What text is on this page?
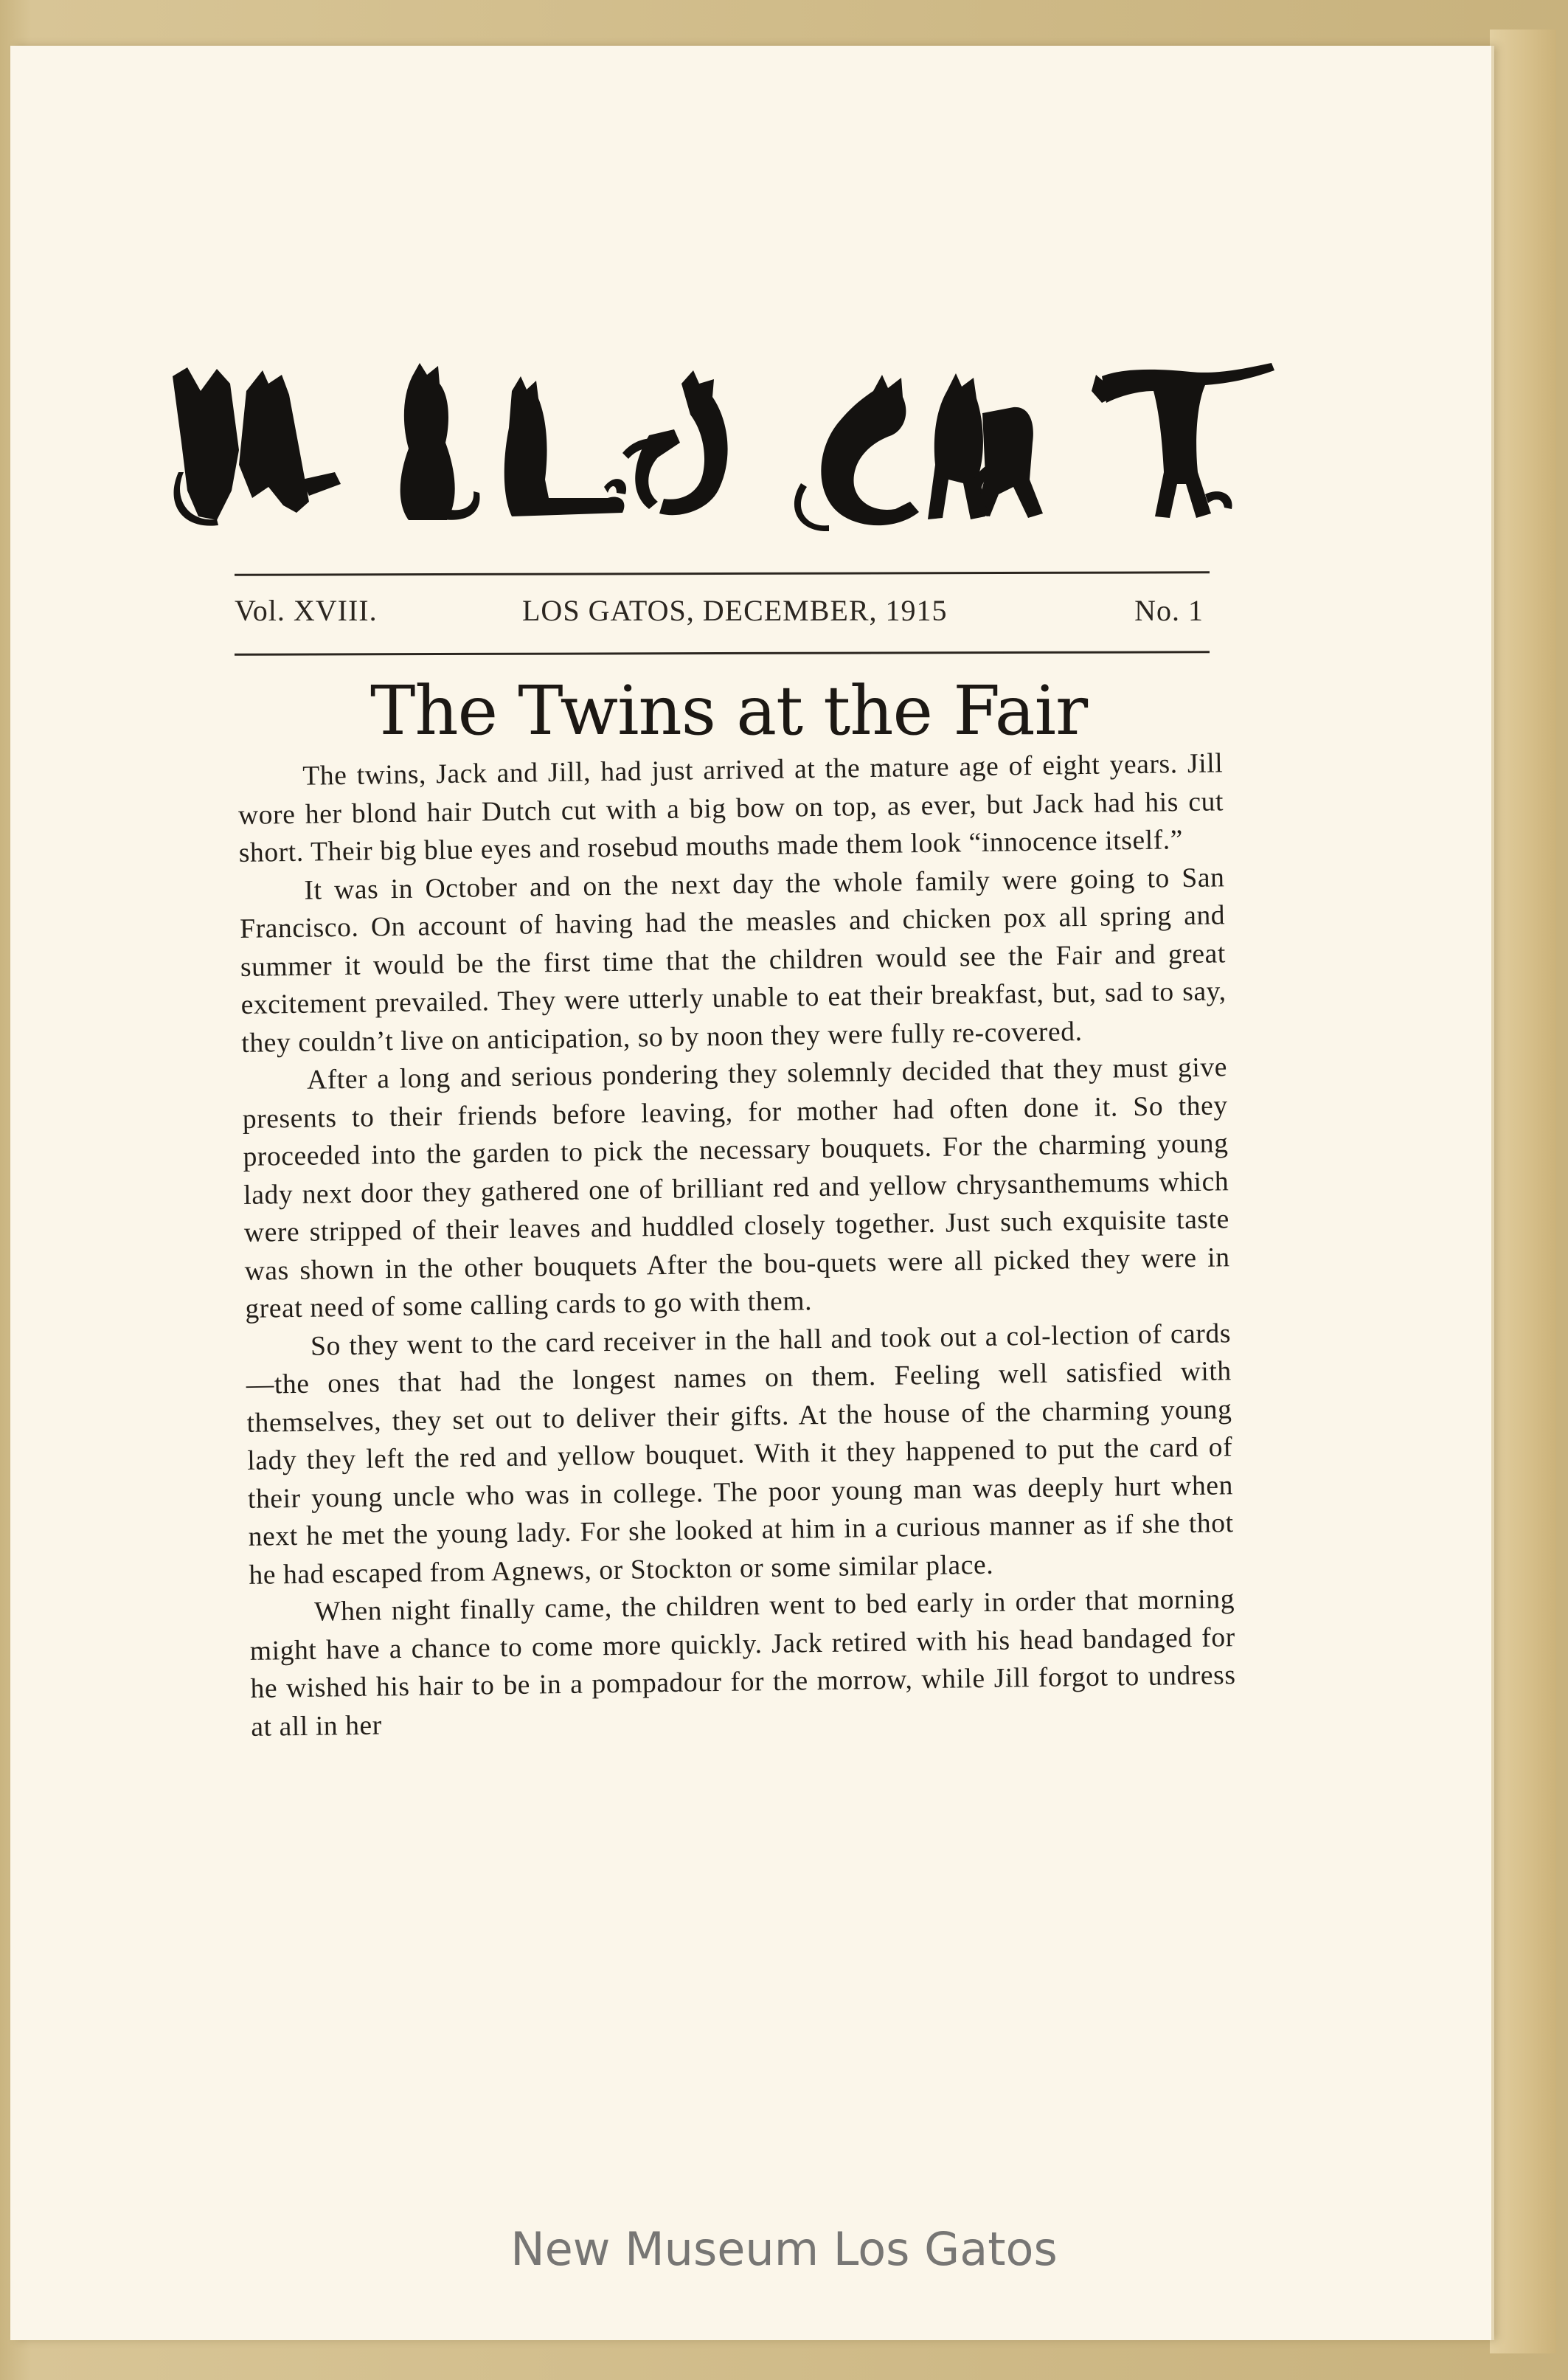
Vol. XVIII.	LOS GATOS, DECEMBER, 1915	No. 1
The Twins at the Fair

The twins, Jack and Jill, had just arrived at the mature age of eight years. Jill wore her blond hair Dutch cut with a big bow on top, as ever, but Jack had his cut short. Their big blue eyes and rosebud mouths made them look “innocence itself.”

It was in October and on the next day the whole family were going to San Francisco. On account of having had the measles and chicken pox all spring and summer it would be the first time that the children would see the Fair and great excitement prevailed. They were utterly unable to eat their breakfast, but, sad to say, they couldn’t live on anticipation, so by noon they were fully re-covered.

After a long and serious pondering they solemnly decided that they must give presents to their friends before leaving, for mother had often done it. So they proceeded into the garden to pick the necessary bouquets. For the charming young lady next door they gathered one of brilliant red and yellow chrysanthemums which were stripped of their leaves and huddled closely together. Just such exquisite taste was shown in the other bouquets After the bou-quets were all picked they were in great need of some calling cards to go with them.

So they went to the card receiver in the hall and took out a col-lection of cards—the ones that had the longest names on them. Feeling well satisfied with themselves, they set out to deliver their gifts. At the house of the charming young lady they left the red and yellow bouquet. With it they happened to put the card of their young uncle who was in college. The poor young man was deeply hurt when next he met the young lady. For she looked at him in a curious manner as if she thot he had escaped from Agnews, or Stockton or some similar place.

When night finally came, the children went to bed early in order that morning might have a chance to come more quickly. Jack retired with his head bandaged for he wished his hair to be in a pompadour for the morrow, while Jill forgot to undress at all in her

New Museum Los Gatos
